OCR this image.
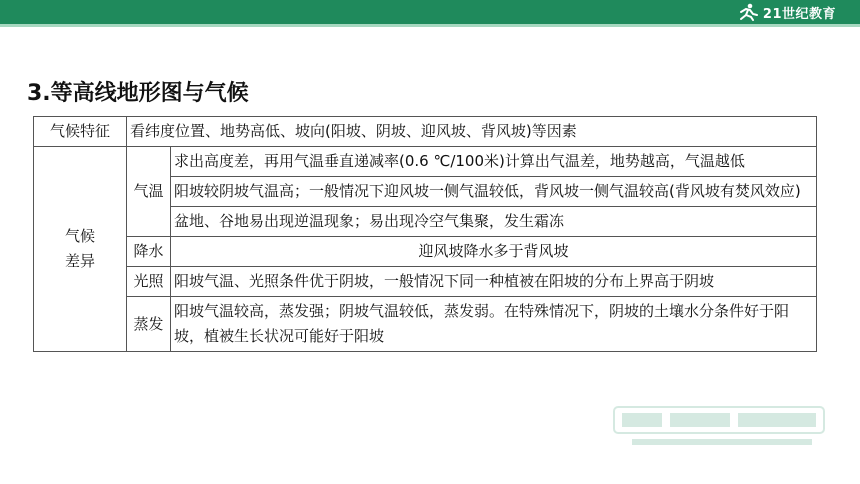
21世纪教育
3.等高线地形图与气候
气候特征	看纬度位置、地势高低、坡向(阳坡、阴坡、迎风坡、背风坡)等因素	

气候
差异	气温	求出高度差，再用气温垂直递减率(0.6 ℃/100米)计算出气温差，地势越高，气温越低
		阳坡较阴坡气温高；一般情况下迎风坡一侧气温较低，背风坡一侧气温较高(背风坡有焚风效应)
		盆地、谷地易出现逆温现象；易出现冷空气集聚，发生霜冻
	降水	迎风坡降水多于背风坡
	光照	阳坡气温、光照条件优于阴坡，一般情况下同一种植被在阳坡的分布上界高于阴坡
	蒸发	阳坡气温较高，蒸发强；阴坡气温较低，蒸发弱。在特殊情况下，阴坡的土壤水分条件好于阳坡，植被生长状况可能好于阳坡
